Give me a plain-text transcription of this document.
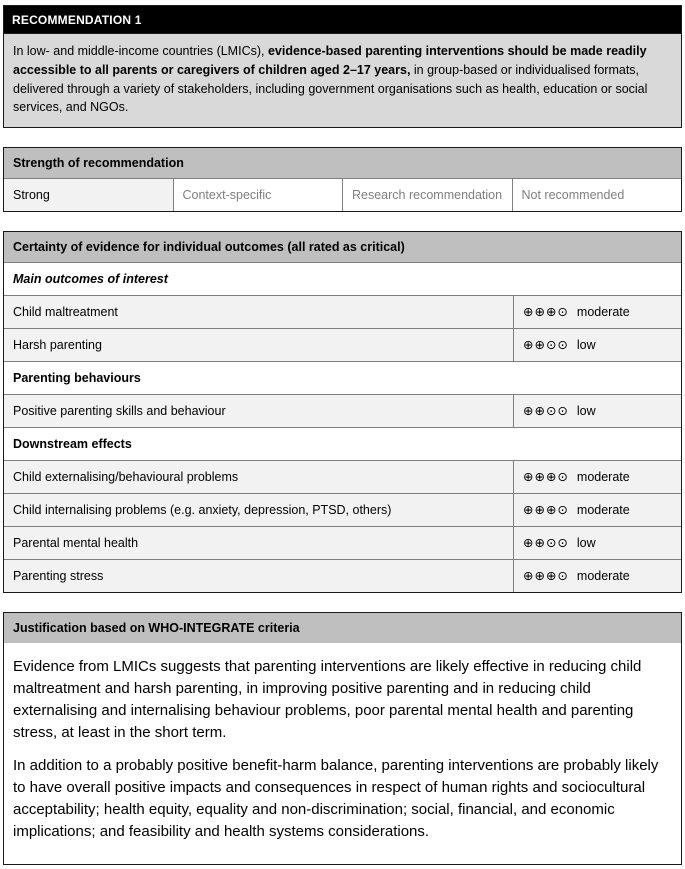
RECOMMENDATION 1
In low- and middle-income countries (LMICs), evidence-based parenting interventions should be made readily accessible to all parents or caregivers of children aged 2–17 years, in group-based or individualised formats, delivered through a variety of stakeholders, including government organisations such as health, education or social services, and NGOs.
Strength of recommendation
Strong	Context-specific	Research recommendation	Not recommended
Certainty of evidence for individual outcomes (all rated as critical)
Main outcomes of interest
Child maltreatment	⊕⊕⊕⊙ moderate
Harsh parenting	⊕⊕⊙⊙ low
Parenting behaviours
Positive parenting skills and behaviour	⊕⊕⊙⊙ low
Downstream effects
Child externalising/behavioural problems	⊕⊕⊕⊙ moderate
Child internalising problems (e.g. anxiety, depression, PTSD, others)	⊕⊕⊕⊙ moderate
Parental mental health	⊕⊕⊙⊙ low
Parenting stress	⊕⊕⊕⊙ moderate
Justification based on WHO-INTEGRATE criteria

Evidence from LMICs suggests that parenting interventions are likely effective in reducing child maltreatment and harsh parenting, in improving positive parenting and in reducing child externalising and internalising behaviour problems, poor parental mental health and parenting stress, at least in the short term.

In addition to a probably positive benefit-harm balance, parenting interventions are probably likely to have overall positive impacts and consequences in respect of human rights and sociocultural acceptability; health equity, equality and non-discrimination; social, financial, and economic implications; and feasibility and health systems considerations.
